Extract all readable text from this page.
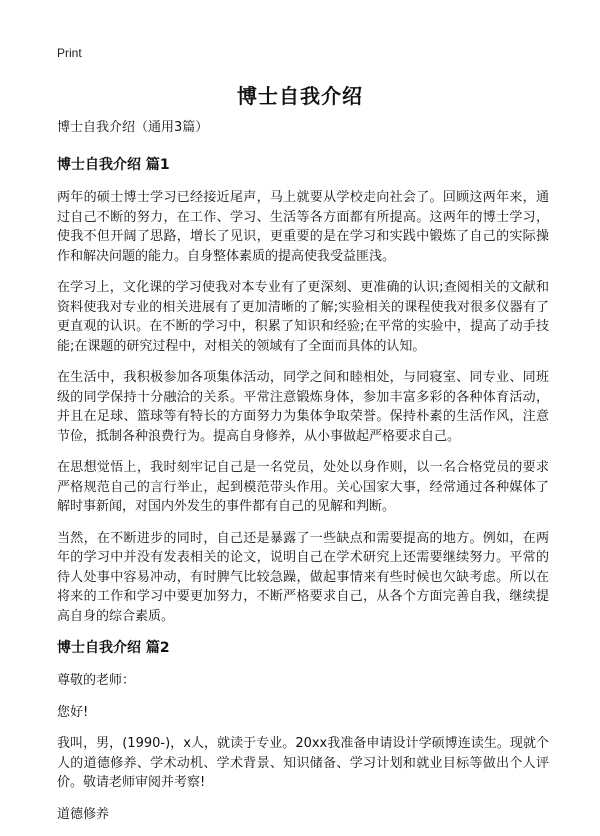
Print
博士自我介绍
博士自我介绍（通用3篇）
博士自我介绍 篇1

两年的硕士博士学习已经接近尾声，马上就要从学校走向社会了。回顾这两年来，通过自己不断的努力，在工作、学习、生活等各方面都有所提高。这两年的博士学习，使我不但开阔了思路，增长了见识，更重要的是在学习和实践中锻炼了自己的实际操作和解决问题的能力。自身整体素质的提高使我受益匪浅。

在学习上，文化课的学习使我对本专业有了更深刻、更准确的认识;查阅相关的文献和资料使我对专业的相关进展有了更加清晰的了解;实验相关的课程使我对很多仪器有了更直观的认识。在不断的学习中，积累了知识和经验;在平常的实验中，提高了动手技能;在课题的研究过程中，对相关的领域有了全面而具体的认知。

在生活中，我积极参加各项集体活动，同学之间和睦相处，与同寝室、同专业、同班级的同学保持十分融洽的关系。平常注意锻炼身体，参加丰富多彩的各种体育活动，并且在足球、篮球等有特长的方面努力为集体争取荣誉。保持朴素的生活作风，注意节俭，抵制各种浪费行为。提高自身修养，从小事做起严格要求自己。

在思想觉悟上，我时刻牢记自己是一名党员，处处以身作则，以一名合格党员的要求严格规范自己的言行举止，起到模范带头作用。关心国家大事，经常通过各种媒体了解时事新闻，对国内外发生的事件都有自己的见解和判断。

当然，在不断进步的同时，自己还是暴露了一些缺点和需要提高的地方。例如，在两年的学习中并没有发表相关的论文，说明自己在学术研究上还需要继续努力。平常的待人处事中容易冲动，有时脾气比较急躁，做起事情来有些时候也欠缺考虑。所以在将来的工作和学习中要更加努力，不断严格要求自己，从各个方面完善自我，继续提高自身的综合素质。

博士自我介绍 篇2

尊敬的老师：

您好!

我叫，男，(1990-)，x人，就读于专业。20xx我准备申请设计学硕博连读生。现就个人的道德修养、学术动机、学术背景、知识储备、学习计划和就业目标等做出个人评价。敬请老师审阅并考察!

道德修养
